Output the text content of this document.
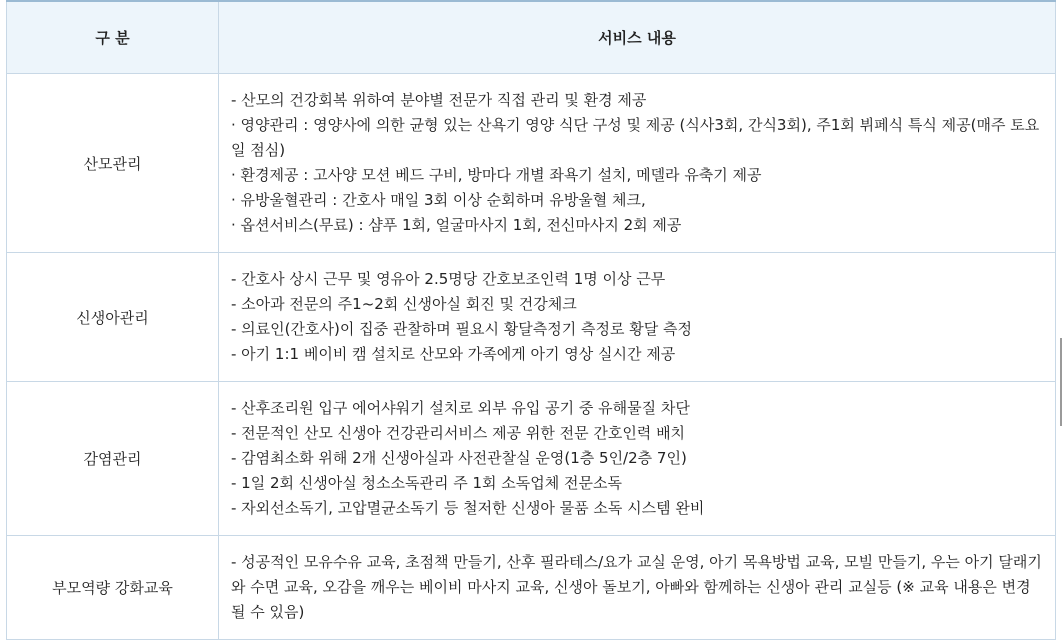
구 분	서비스 내용
산모관리	- 산모의 건강회복 위하여 분야별 전문가 직접 관리 및 환경 제공
· 영양관리 : 영양사에 의한 균형 있는 산욕기 영양 식단 구성 및 제공 (식사3회, 간식3회), 주1회 뷔페식 특식 제공(매주 토요일 점심)
· 환경제공 : 고사양 모션 베드 구비, 방마다 개별 좌욕기 설치, 메델라 유축기 제공
· 유방울혈관리 : 간호사 매일 3회 이상 순회하며 유방울혈 체크,
· 옵션서비스(무료) : 샴푸 1회, 얼굴마사지 1회, 전신마사지 2회 제공

신생아관리	- 간호사 상시 근무 및 영유아 2.5명당 간호보조인력 1명 이상 근무
- 소아과 전문의 주1~2회 신생아실 회진 및 건강체크
- 의료인(간호사)이 집중 관찰하며 필요시 황달측정기 측정로 황달 측정
- 아기 1:1 베이비 캠 설치로 산모와 가족에게 아기 영상 실시간 제공

감염관리	- 산후조리원 입구 에어샤워기 설치로 외부 유입 공기 중 유해물질 차단
- 전문적인 산모 신생아 건강관리서비스 제공 위한 전문 간호인력 배치
- 감염최소화 위해 2개 신생아실과 사전관찰실 운영(1층 5인/2층 7인)
- 1일 2회 신생아실 청소소독관리 주 1회 소독업체 전문소독
- 자외선소독기, 고압멸균소독기 등 철저한 신생아 물품 소독 시스템 완비

부모역량 강화교육	- 성공적인 모유수유 교육, 초점책 만들기, 산후 필라테스/요가 교실 운영, 아기 목욕방법 교육, 모빌 만들기, 우는 아기 달래기와 수면 교육, 오감을 깨우는 베이비 마사지 교육, 신생아 돌보기, 아빠와 함께하는 신생아 관리 교실등 (※ 교육 내용은 변경될 수 있음)
